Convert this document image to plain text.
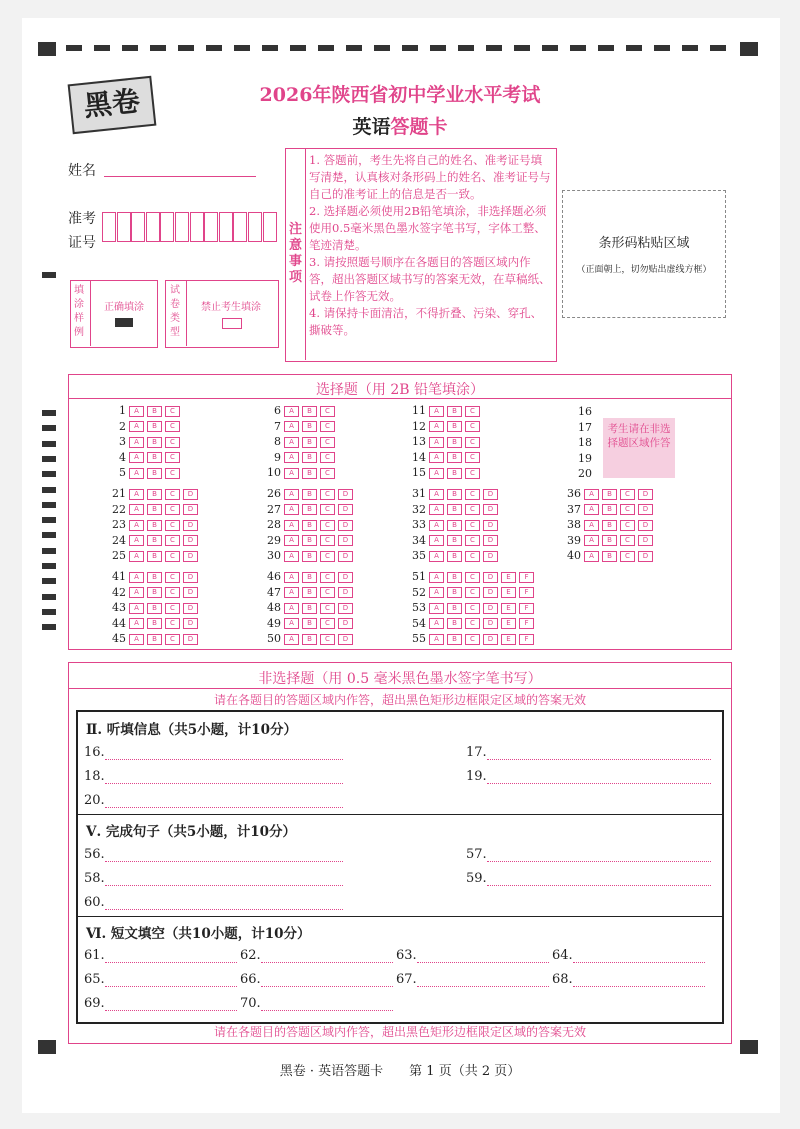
黑卷	2026年陕西省初中学业水平考试
英语答题卡
姓名
准考
证号
注意事项
1. 答题前，考生先将自己的姓名、准考证号填写清楚，认真核对条形码上的姓名、准考证号与自己的准考证上的信息是否一致。
2. 选择题必须使用2B铅笔填涂，非选择题必须使用0.5毫米黑色墨水签字笔书写，字体工整、笔迹清楚。
3. 请按照题号顺序在各题目的答题区域内作答，超出答题区域书写的答案无效，在草稿纸、试卷上作答无效。
4. 请保持卡面清洁，不得折叠、污染、穿孔、撕破等。
条形码粘贴区域
（正面朝上，切勿贴出虚线方框）
填涂样例
正确填涂
试卷类型
禁止考生填涂
选择题（用 2B 铅笔填涂）
1 A B C
2 A B C
3 A B C
4 A B C
5 A B C
6 A B C
7 A B C
8 A B C
9 A B C
10 A B C
11 A B C
12 A B C
13 A B C
14 A B C
15 A B C
21 A B C D
22 A B C D
23 A B C D
24 A B C D
25 A B C D
26 A B C D
27 A B C D
28 A B C D
29 A B C D
30 A B C D
31 A B C D
32 A B C D
33 A B C D
34 A B C D
35 A B C D
36 A B C D
37 A B C D
38 A B C D
39 A B C D
40 A B C D
41 A B C D
42 A B C D
43 A B C D
44 A B C D
45 A B C D
46 A B C D
47 A B C D
48 A B C D
49 A B C D
50 A B C D
51 A B C D E F
52 A B C D E F
53 A B C D E F
54 A B C D E F
55 A B C D E F
16
17
18
19
20
考生请在非选择题区域作答
非选择题（用 0.5 毫米黑色墨水签字笔书写）
请在各题目的答题区域内作答，超出黑色矩形边框限定区域的答案无效
请在各题目的答题区域内作答，超出黑色矩形边框限定区域的答案无效
Ⅱ. 听填信息（共5小题，计10分）
Ⅴ. 完成句子（共5小题，计10分）
Ⅵ. 短文填空（共10小题，计10分）
16.	17.
18.	19.
20.
56.	57.
58.	59.
60.
61.	62.	63.	64.
65.	66.	67.	68.
69.	70.
黑卷 · 英语答题卡　　第 1 页（共 2 页）
